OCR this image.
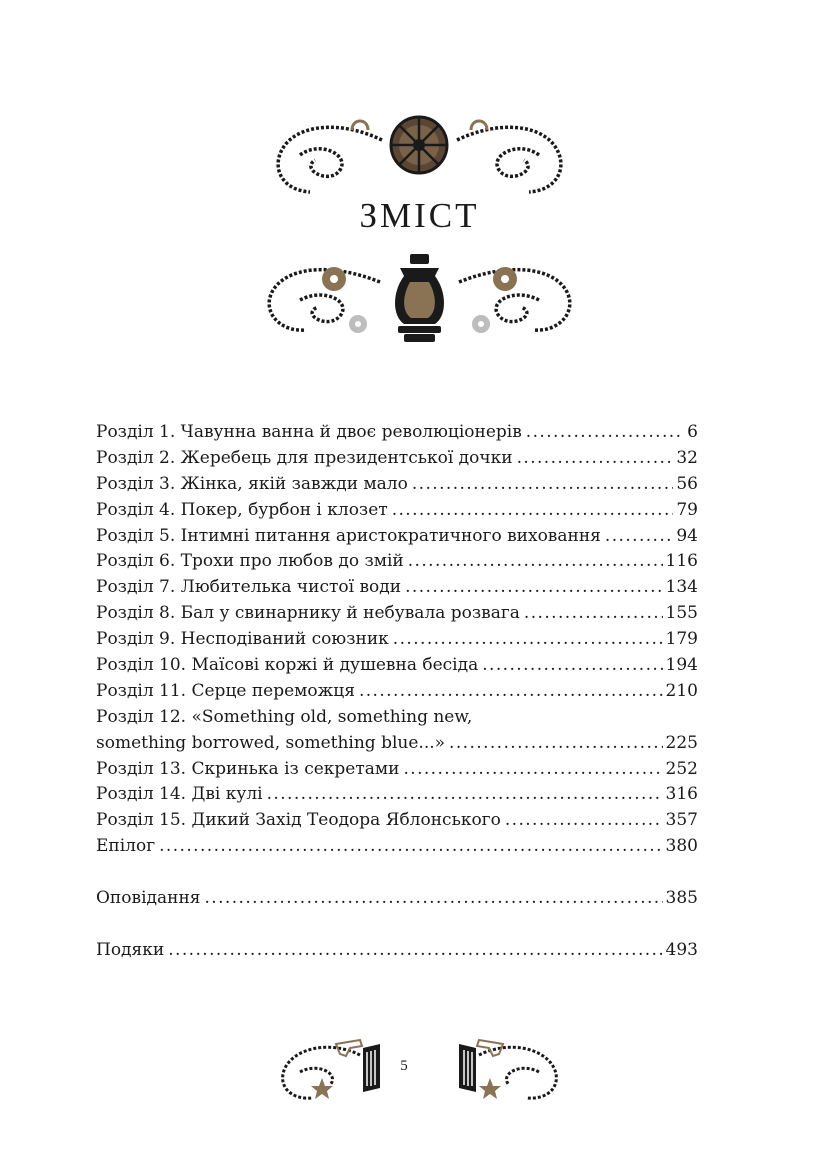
ЗМІСТ
Розділ 1. Чавунна ванна й двоє революціонерів . . .	6
Розділ 2. Жеребець для президентської дочки . . .	32
Розділ 3. Жінка, якій завжди мало . . .	56
Розділ 4. Покер, бурбон і клозет . . .	79
Розділ 5. Інтимні питання аристократичного виховання . . .	94
Розділ 6. Трохи про любов до змій . . .	116
Розділ 7. Любителька чистої води . . .	134
Розділ 8. Бал у свинарнику й небувала розвага . . .	155
Розділ 9. Несподіваний союзник . . .	179
Розділ 10. Маїсові коржі й душевна бесіда . . .	194
Розділ 11. Серце переможця . . .	210
Розділ 12. «Something old, something new,
something borrowed, something blue...» . . .	225
Розділ 13. Скринька із секретами . . .	252
Розділ 14. Дві кулі . . .	316
Розділ 15. Дикий Захід Теодора Яблонського . . .	357
Епілог . . .	380
Оповідання . . .	385
Подяки . . .	493
5
